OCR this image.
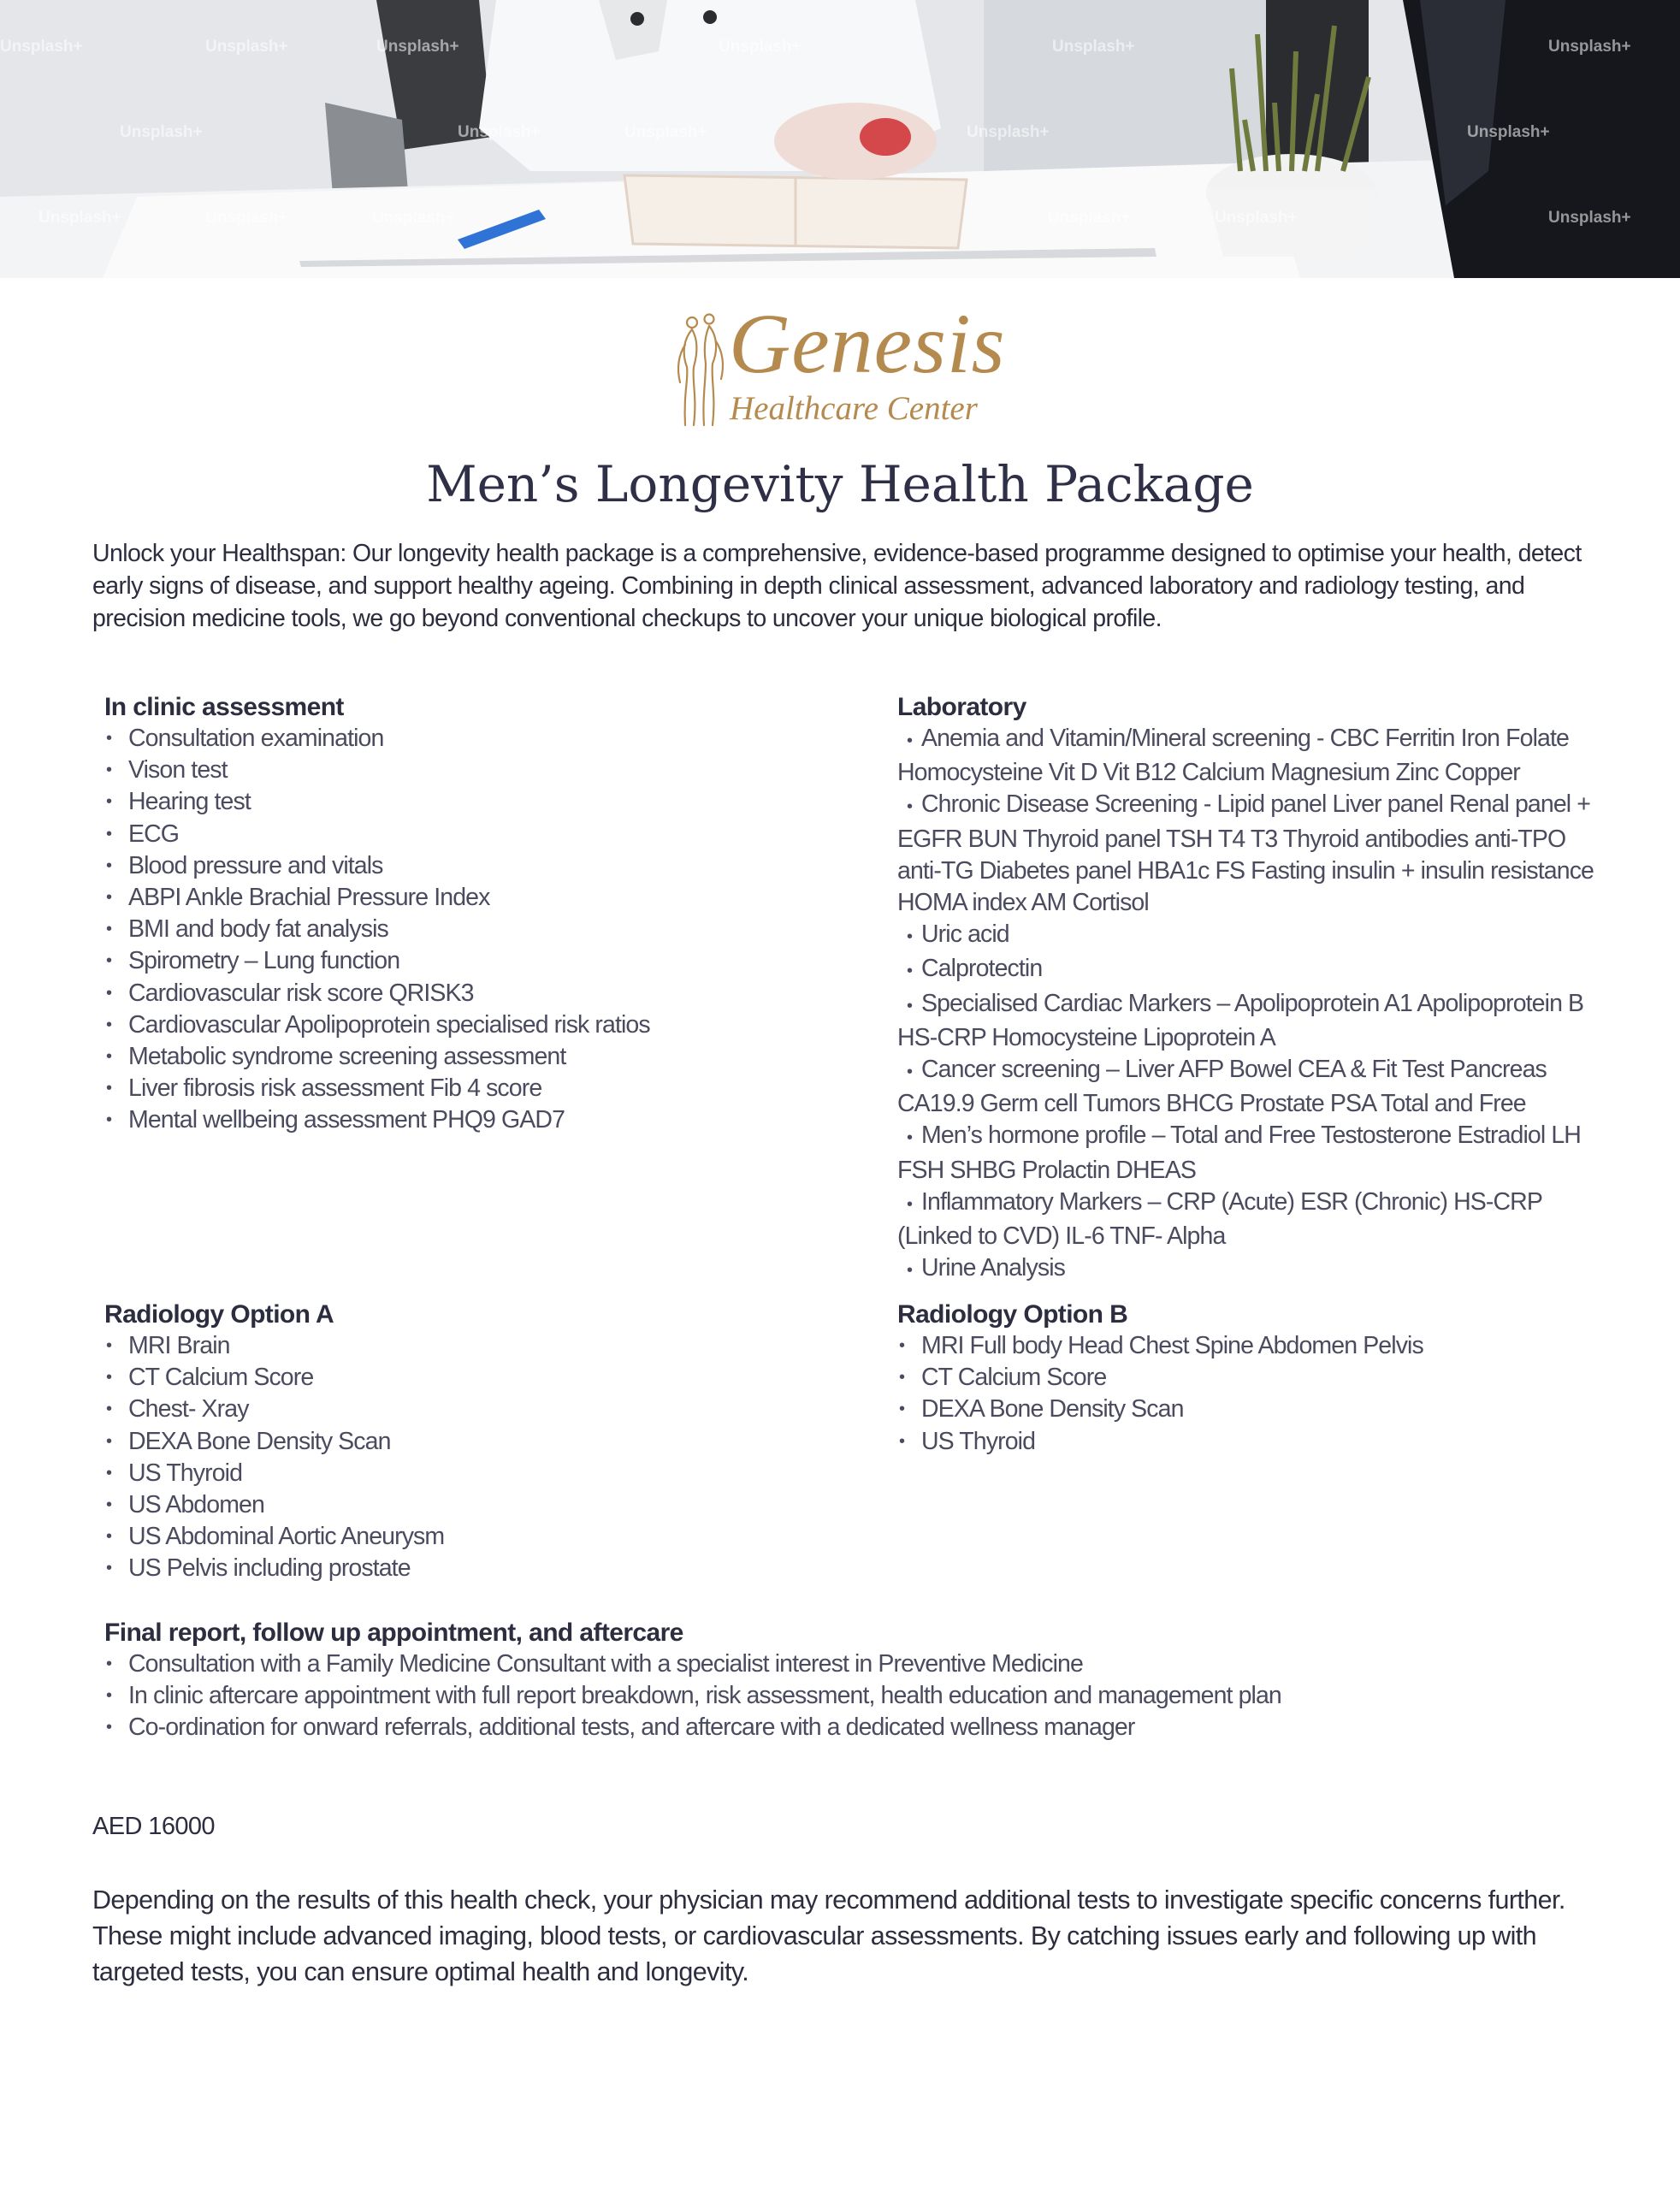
Unsplash+	Unsplash+	Unsplash+	Unsplash+	Unsplash+	Unsplash+
Unsplash+	Unsplash+	Unsplash+	Unsplash+	Unsplash+
Unsplash+	Unsplash+	Unsplash+	Unsplash+	Unsplash+	Unsplash+
Genesis
Healthcare Center
Men’s Longevity Health Package

Unlock your Healthspan: Our longevity health package is a comprehensive, evidence-based programme designed to optimise your health, detect early signs of disease, and support healthy ageing. Combining in depth clinical assessment, advanced laboratory and radiology testing, and precision medicine tools, we go beyond conventional checkups to uncover your unique biological profile.

In clinic assessment
• Consultation examination
• Vison test
• Hearing test
• ECG
• Blood pressure and vitals
• ABPI Ankle Brachial Pressure Index
• BMI and body fat analysis
• Spirometry – Lung function
• Cardiovascular risk score QRISK3
• Cardiovascular Apolipoprotein specialised risk ratios
• Metabolic syndrome screening assessment
• Liver fibrosis risk assessment Fib 4 score
• Mental wellbeing assessment PHQ9 GAD7
Laboratory
• Anemia and Vitamin/Mineral screening - CBC Ferritin Iron Folate Homocysteine Vit D Vit B12 Calcium Magnesium Zinc Copper
• Chronic Disease Screening - Lipid panel Liver panel Renal panel + EGFR BUN Thyroid panel TSH T4 T3 Thyroid antibodies anti-TPO anti-TG Diabetes panel HBA1c FS Fasting insulin + insulin resistance HOMA index AM Cortisol
• Uric acid
• Calprotectin
• Specialised Cardiac Markers – Apolipoprotein A1 Apolipoprotein B HS-CRP Homocysteine Lipoprotein A
• Cancer screening – Liver AFP Bowel CEA & Fit Test Pancreas CA19.9 Germ cell Tumors BHCG Prostate PSA Total and Free
• Men’s hormone profile – Total and Free Testosterone Estradiol LH FSH SHBG Prolactin DHEAS
• Inflammatory Markers – CRP (Acute) ESR (Chronic) HS-CRP (Linked to CVD) IL-6 TNF- Alpha
• Urine Analysis
Radiology Option A
• MRI Brain
• CT Calcium Score
• Chest- Xray
• DEXA Bone Density Scan
• US Thyroid
• US Abdomen
• US Abdominal Aortic Aneurysm
• US Pelvis including prostate
Radiology Option B
• MRI Full body Head Chest Spine Abdomen Pelvis
• CT Calcium Score
• DEXA Bone Density Scan
• US Thyroid
Final report, follow up appointment, and aftercare
• Consultation with a Family Medicine Consultant with a specialist interest in Preventive Medicine
• In clinic aftercare appointment with full report breakdown, risk assessment, health education and management plan
• Co-ordination for onward referrals, additional tests, and aftercare with a dedicated wellness manager

AED 16000

Depending on the results of this health check, your physician may recommend additional tests to investigate specific concerns further. These might include advanced imaging, blood tests, or cardiovascular assessments. By catching issues early and following up with targeted tests, you can ensure optimal health and longevity.
